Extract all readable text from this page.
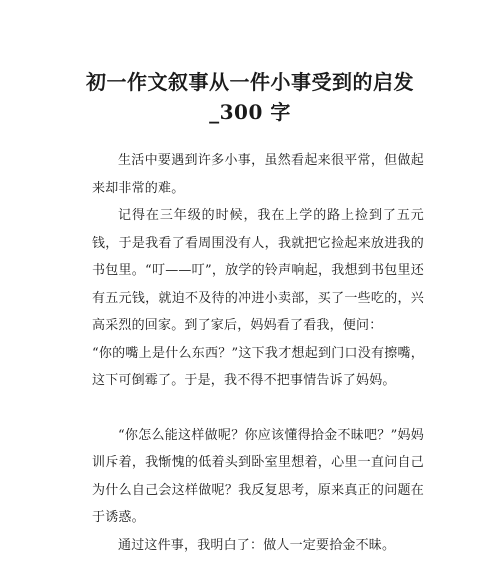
初一作文叙事从一件小事受到的启发
_300 字

生活中要遇到许多小事，虽然看起来很平常，但做起来却非常的难。

记得在三年级的时候，我在上学的路上捡到了五元钱，于是我看了看周围没有人，我就把它捡起来放进我的书包里。“叮——叮”，放学的铃声响起，我想到书包里还有五元钱，就迫不及待的冲进小卖部，买了一些吃的，兴高采烈的回家。到了家后，妈妈看了看我，便问：

“你的嘴上是什么东西？”这下我才想起到门口没有擦嘴，这下可倒霉了。于是，我不得不把事情告诉了妈妈。

“你怎么能这样做呢？你应该懂得拾金不昧吧？”妈妈训斥着，我惭愧的低着头到卧室里想着，心里一直问自己为什么自己会这样做呢？我反复思考，原来真正的问题在于诱惑。

通过这件事，我明白了：做人一定要拾金不昧。
